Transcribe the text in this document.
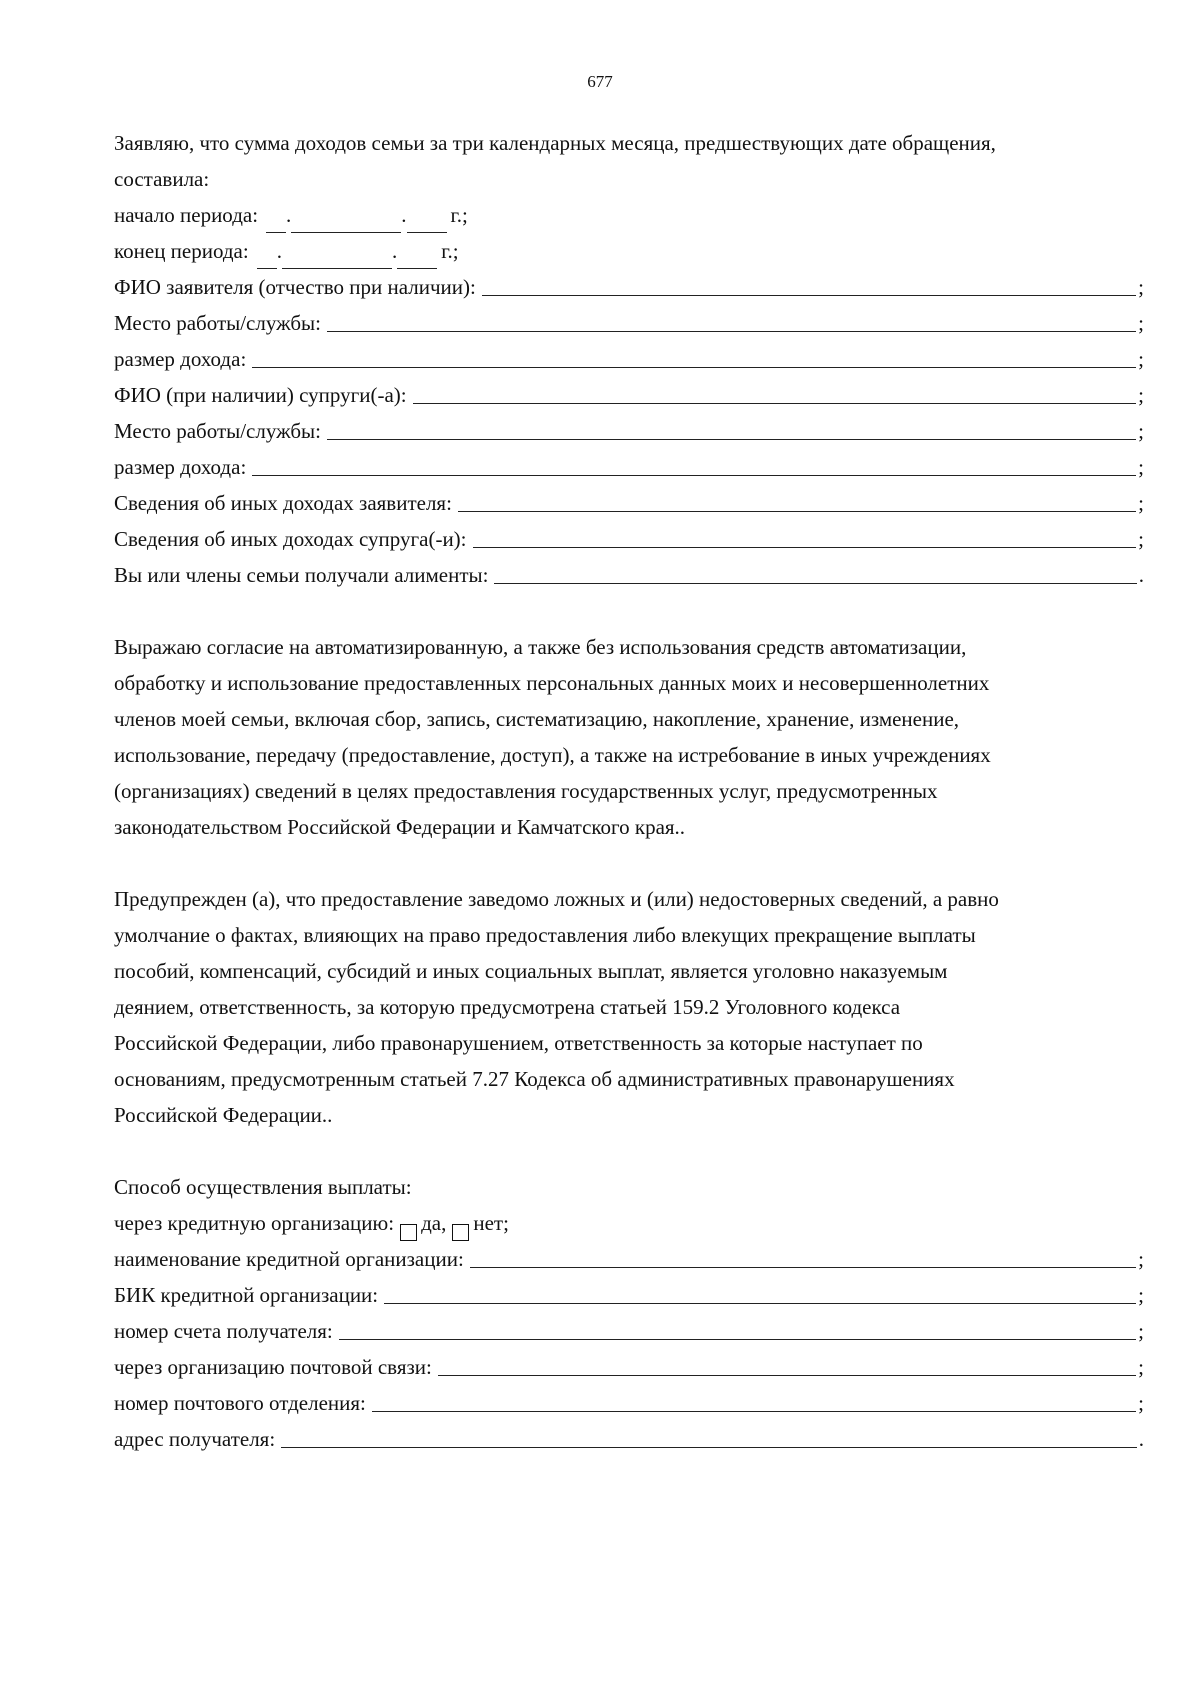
677

Заявляю, что сумма доходов семьи за три календарных месяца, предшествующих дате обращения,

составила:

начало периода: .	. г.;
конец периода: .	. г.;
ФИО заявителя (отчество при наличии):	;
Место работы/службы:	;
размер дохода:	;
ФИО (при наличии) супруги(-а):	;
Место работы/службы:	;
размер дохода:	;
Сведения об иных доходах заявителя:	;
Сведения об иных доходах супруга(-и):	;
Вы или члены семьи получали алименты:	.

Выражаю согласие на автоматизированную, а также без использования средств автоматизации,

обработку и использование предоставленных персональных данных моих и несовершеннолетних

членов моей семьи, включая сбор, запись, систематизацию, накопление, хранение, изменение,

использование, передачу (предоставление, доступ), а также на истребование в иных учреждениях

(организациях) сведений в целях предоставления государственных услуг, предусмотренных

законодательством Российской Федерации и Камчатского края..

Предупрежден (а), что предоставление заведомо ложных и (или) недостоверных сведений, а равно

умолчание о фактах, влияющих на право предоставления либо влекущих прекращение выплаты

пособий, компенсаций, субсидий и иных социальных выплат, является уголовно наказуемым

деянием, ответственность, за которую предусмотрена статьей 159.2 Уголовного кодекса

Российской Федерации, либо правонарушением, ответственность за которые наступает по

основаниям, предусмотренным статьей 7.27 Кодекса об административных правонарушениях

Российской Федерации..

Способ осуществления выплаты:

через кредитную организацию: да, нет;
наименование кредитной организации:	;
БИК кредитной организации:	;
номер счета получателя:	;
через организацию почтовой связи:	;
номер почтового отделения:	;
адрес получателя:	.
